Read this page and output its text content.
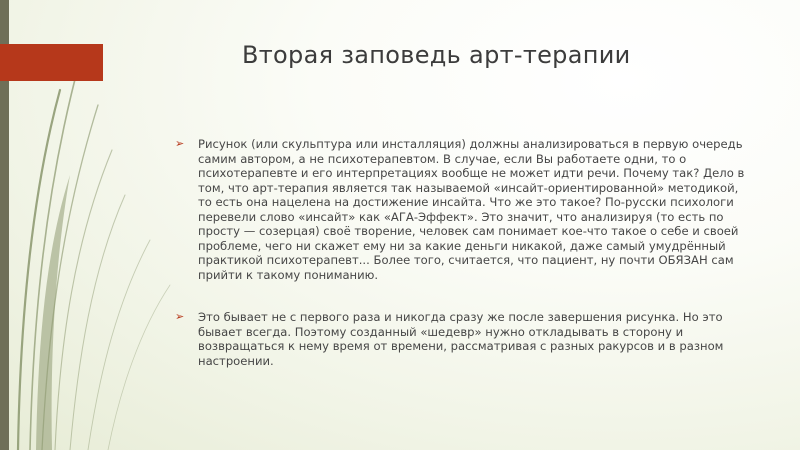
Вторая заповедь арт-терапии
➢ Рисунок (или скульптура или инсталляция) должны анализироваться в первую очередь самим автором, а не психотерапевтом. В случае, если Вы работаете одни, то о психотерапевте и его интерпретациях вообще не может идти речи. Почему так? Дело в том, что арт-терапия является так называемой «инсайт-ориентированной» методикой, то есть она нацелена на достижение инсайта. Что же это такое? По-русски психологи перевели слово «инсайт» как «АГА-Эффект». Это значит, что анализируя (то есть по просту — созерцая) своё творение, человек сам понимает кое-что такое о себе и своей проблеме, чего ни скажет ему ни за какие деньги никакой, даже самый умудрённый практикой психотерапевт... Более того, считается, что пациент, ну почти ОБЯЗАН сам прийти к такому пониманию.
➢ Это бывает не с первого раза и никогда сразу же после завершения рисунка. Но это бывает всегда. Поэтому созданный «шедевр» нужно откладывать в сторону и возвращаться к нему время от времени, рассматривая с разных ракурсов и в разном настроении.
